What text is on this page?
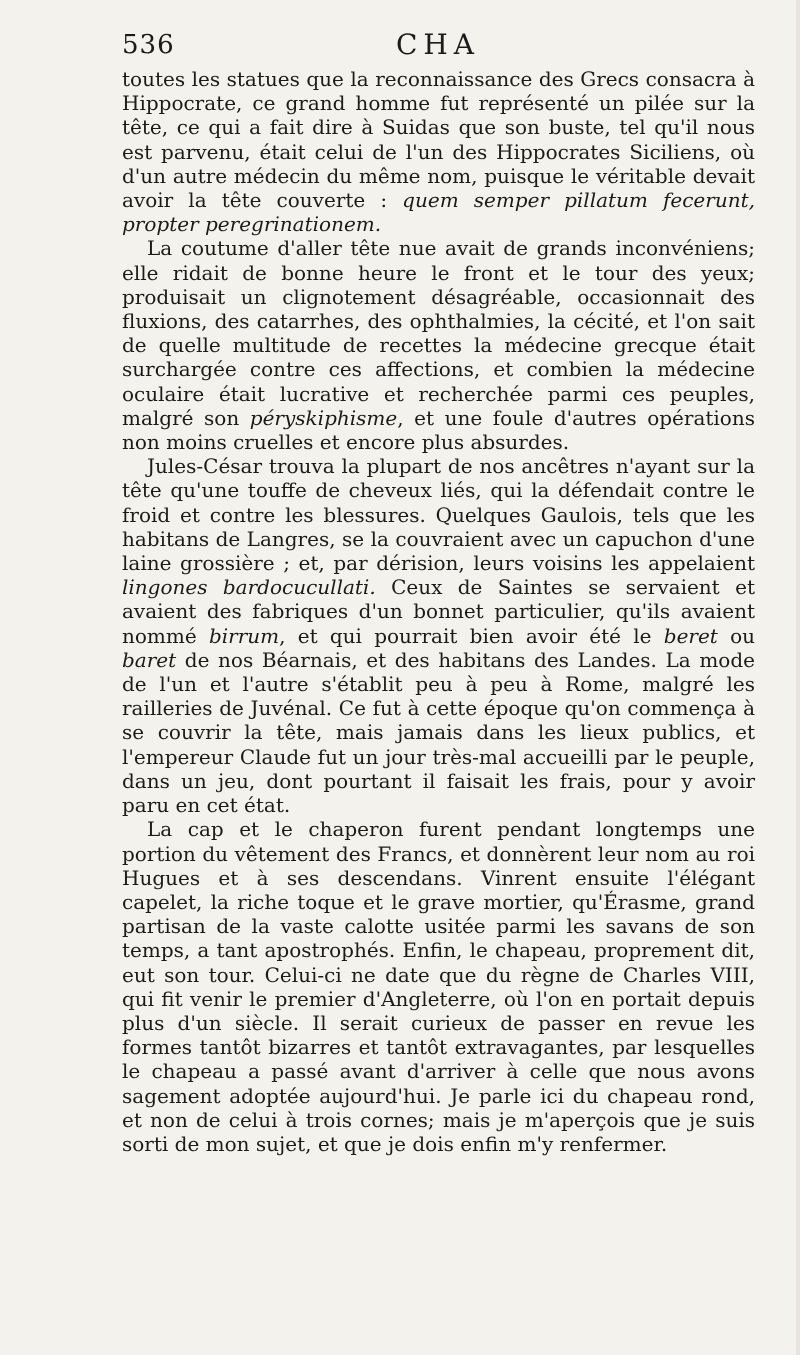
536	CHA

toutes les statues que la reconnaissance des Grecs consacra à Hippocrate, ce grand homme fut représenté un pilée sur la tête, ce qui a fait dire à Suidas que son buste, tel qu'il nous est parvenu, était celui de l'un des Hippocrates Siciliens, où d'un autre médecin du même nom, puisque le véritable devait avoir la tête couverte : quem semper pillatum fecerunt, propter peregrinationem.

La coutume d'aller tête nue avait de grands inconvéniens; elle ridait de bonne heure le front et le tour des yeux; produisait un clignotement désagréable, occasionnait des fluxions, des catarrhes, des ophthalmies, la cécité, et l'on sait de quelle multitude de recettes la médecine grecque était surchargée contre ces affections, et combien la médecine oculaire était lucrative et recherchée parmi ces peuples, malgré son péryskiphisme, et une foule d'autres opérations non moins cruelles et encore plus absurdes.

Jules-César trouva la plupart de nos ancêtres n'ayant sur la tête qu'une touffe de cheveux liés, qui la défendait contre le froid et contre les blessures. Quelques Gaulois, tels que les habitans de Langres, se la couvraient avec un capuchon d'une laine grossière ; et, par dérision, leurs voisins les appelaient lingones bardocucullati. Ceux de Saintes se servaient et avaient des fabriques d'un bonnet particulier, qu'ils avaient nommé birrum, et qui pourrait bien avoir été le beret ou baret de nos Béarnais, et des habitans des Landes. La mode de l'un et l'autre s'établit peu à peu à Rome, malgré les railleries de Juvénal. Ce fut à cette époque qu'on commença à se couvrir la tête, mais jamais dans les lieux publics, et l'empereur Claude fut un jour très-mal accueilli par le peuple, dans un jeu, dont pourtant il faisait les frais, pour y avoir paru en cet état.

La cap et le chaperon furent pendant longtemps une portion du vêtement des Francs, et donnèrent leur nom au roi Hugues et à ses descendans. Vinrent ensuite l'élégant capelet, la riche toque et le grave mortier, qu'Érasme, grand partisan de la vaste calotte usitée parmi les savans de son temps, a tant apostrophés. Enfin, le chapeau, proprement dit, eut son tour. Celui-ci ne date que du règne de Charles VIII, qui fit venir le premier d'Angleterre, où l'on en portait depuis plus d'un siècle. Il serait curieux de passer en revue les formes tantôt bizarres et tantôt extravagantes, par lesquelles le chapeau a passé avant d'arriver à celle que nous avons sagement adoptée aujourd'hui. Je parle ici du chapeau rond, et non de celui à trois cornes; mais je m'aperçois que je suis sorti de mon sujet, et que je dois enfin m'y renfermer.
